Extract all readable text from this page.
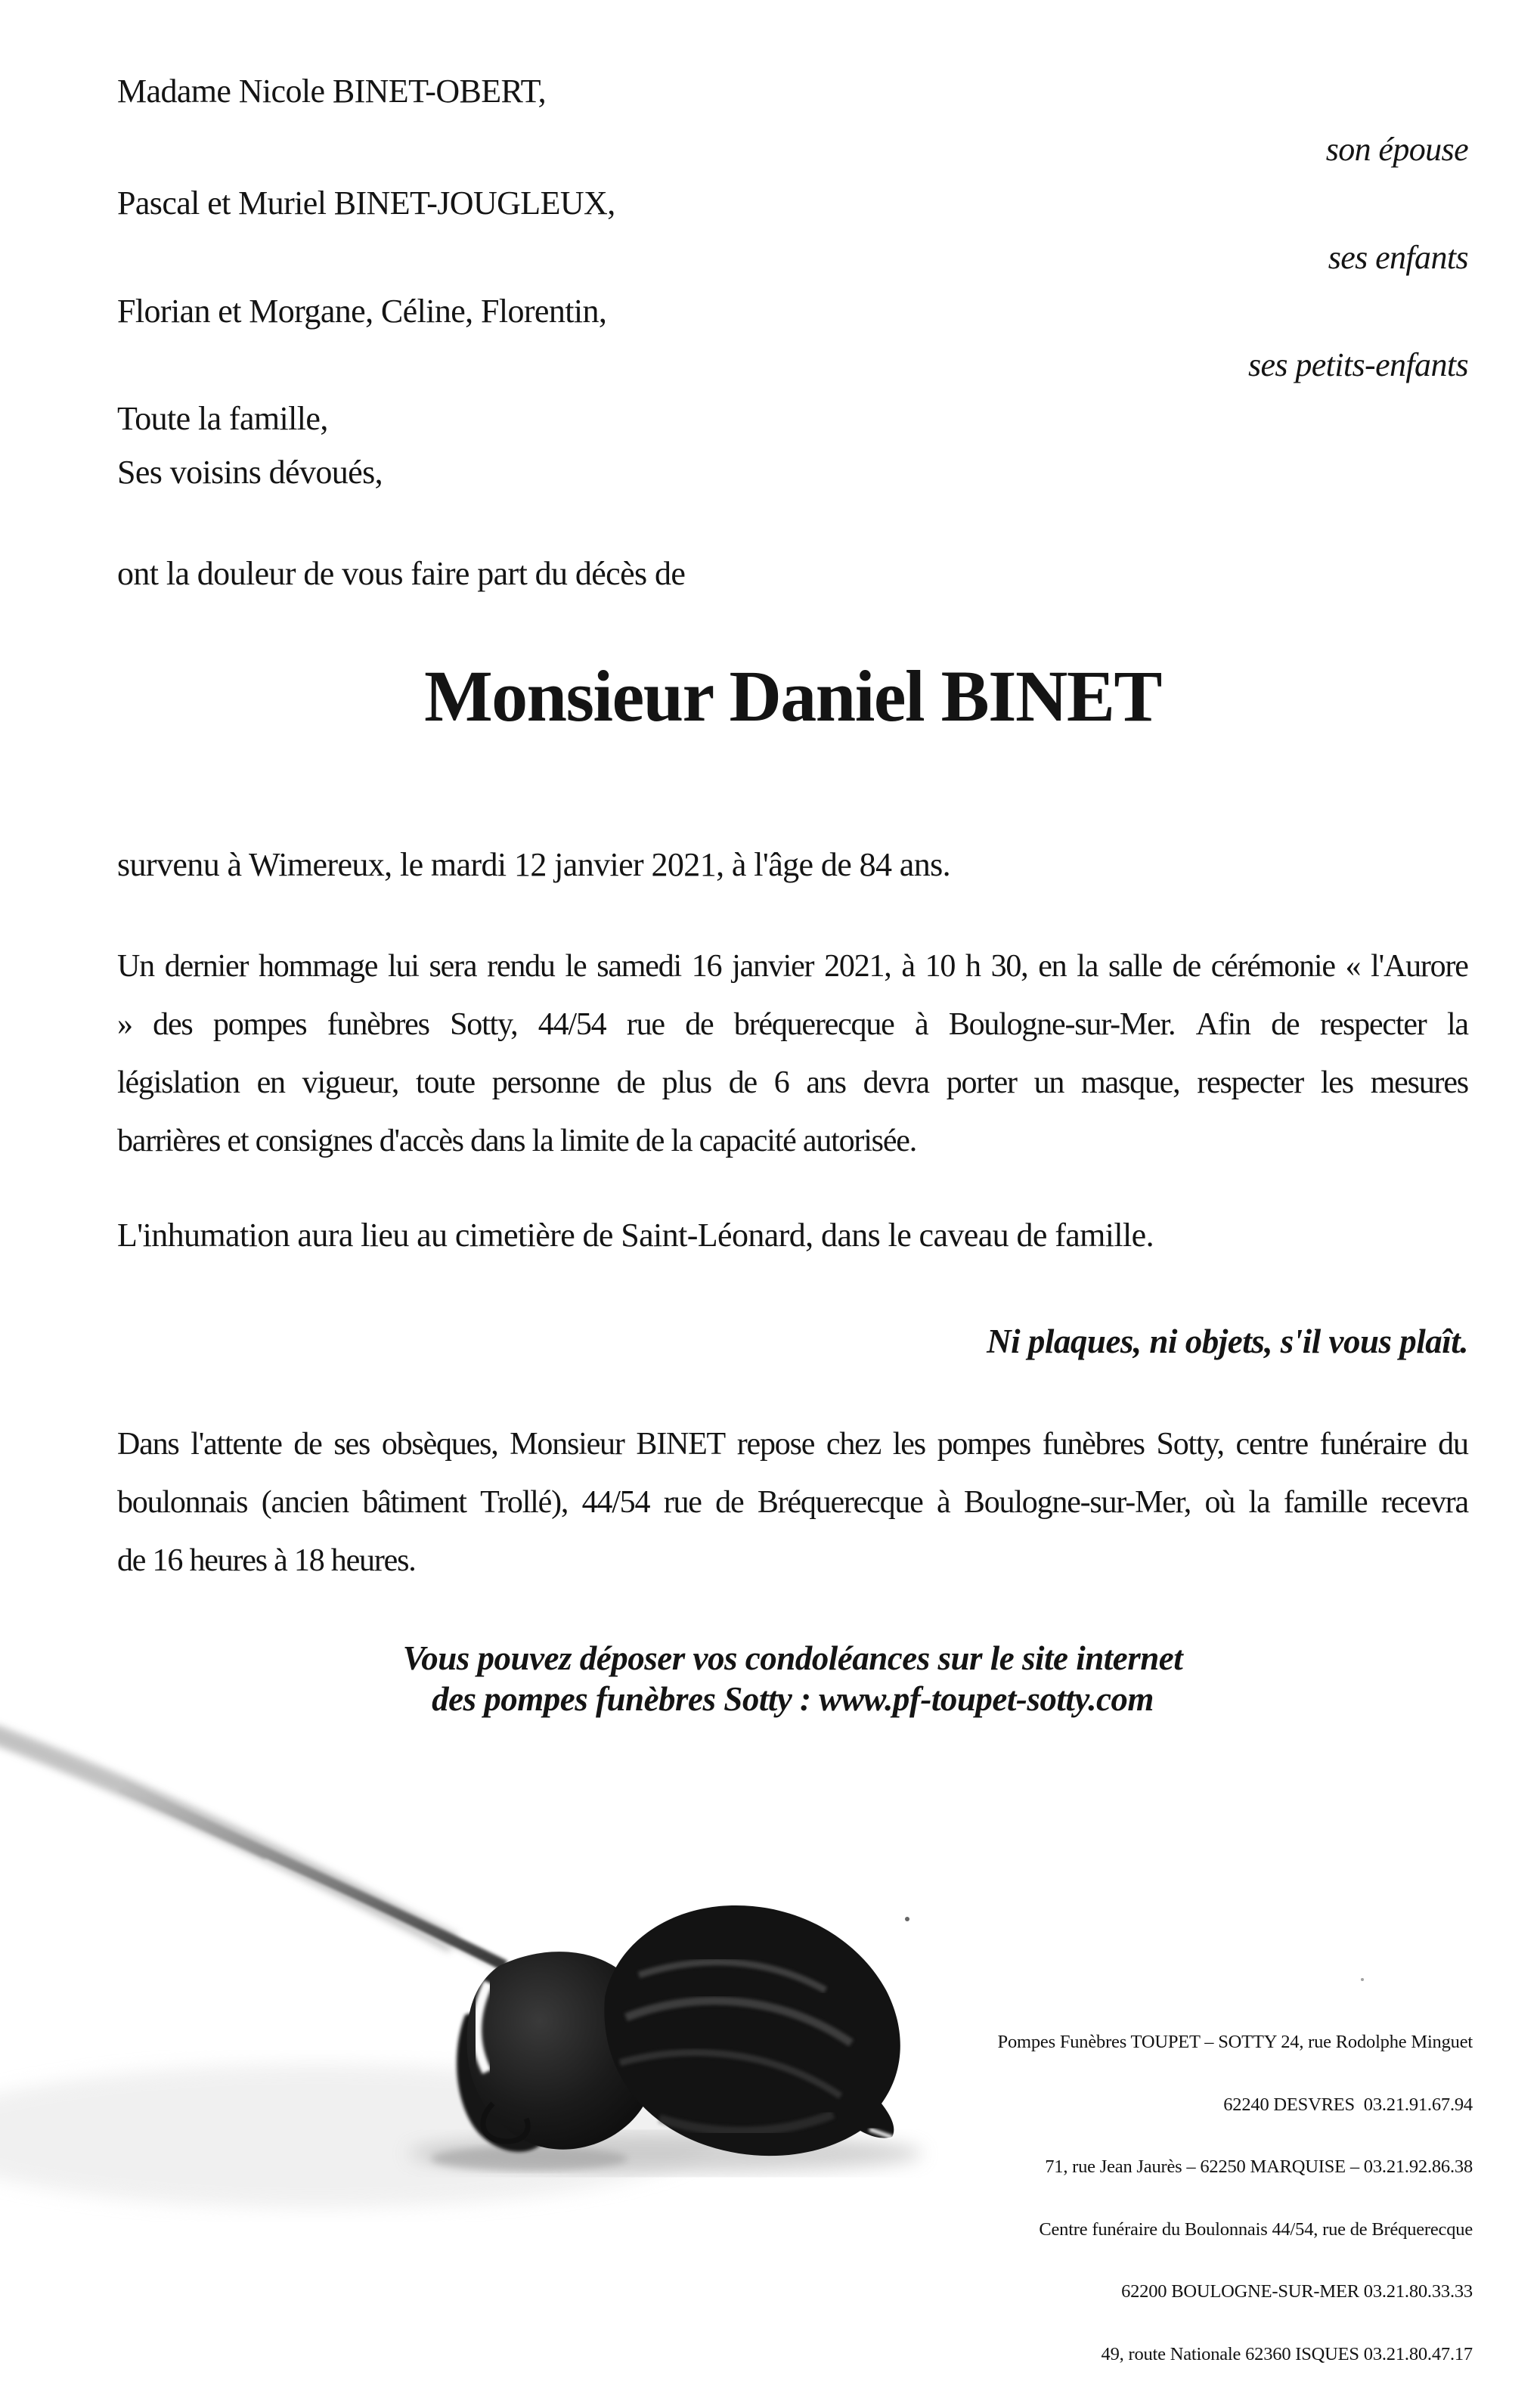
Madame Nicole BINET-OBERT,
son épouse
Pascal et Muriel BINET-JOUGLEUX,
ses enfants
Florian et Morgane, Céline, Florentin,
ses petits-enfants
Toute la famille,
Ses voisins dévoués,
ont la douleur de vous faire part du décès de
Monsieur Daniel BINET
survenu à Wimereux, le mardi 12 janvier 2021, à l'âge de 84 ans.
Un dernier hommage lui sera rendu le samedi 16 janvier 2021, à 10 h 30, en la salle de cérémonie « l'Aurore
» des pompes funèbres Sotty, 44/54 rue de bréquerecque à Boulogne-sur-Mer. Afin de respecter la
législation en vigueur, toute personne de plus de 6 ans devra porter un masque, respecter les mesures
barrières et consignes d'accès dans la limite de la capacité autorisée.
L'inhumation aura lieu au cimetière de Saint-Léonard, dans le caveau de famille.
Ni plaques, ni objets, s'il vous plaît.
Dans l'attente de ses obsèques, Monsieur BINET repose chez les pompes funèbres Sotty, centre funéraire du
boulonnais (ancien bâtiment Trollé), 44/54 rue de Bréquerecque à Boulogne-sur-Mer, où la famille recevra
de 16 heures à 18 heures.
Vous pouvez déposer vos condoléances sur le site internet
des pompes funèbres Sotty : www.pf-toupet-sotty.com

Pompes Funèbres TOUPET – SOTTY 24, rue Rodolphe Minguet

62240 DESVRES  03.21.91.67.94

71, rue Jean Jaurès – 62250 MARQUISE – 03.21.92.86.38

Centre funéraire du Boulonnais 44/54, rue de Bréquerecque

62200 BOULOGNE-SUR-MER 03.21.80.33.33

49, route Nationale 62360 ISQUES 03.21.80.47.17
